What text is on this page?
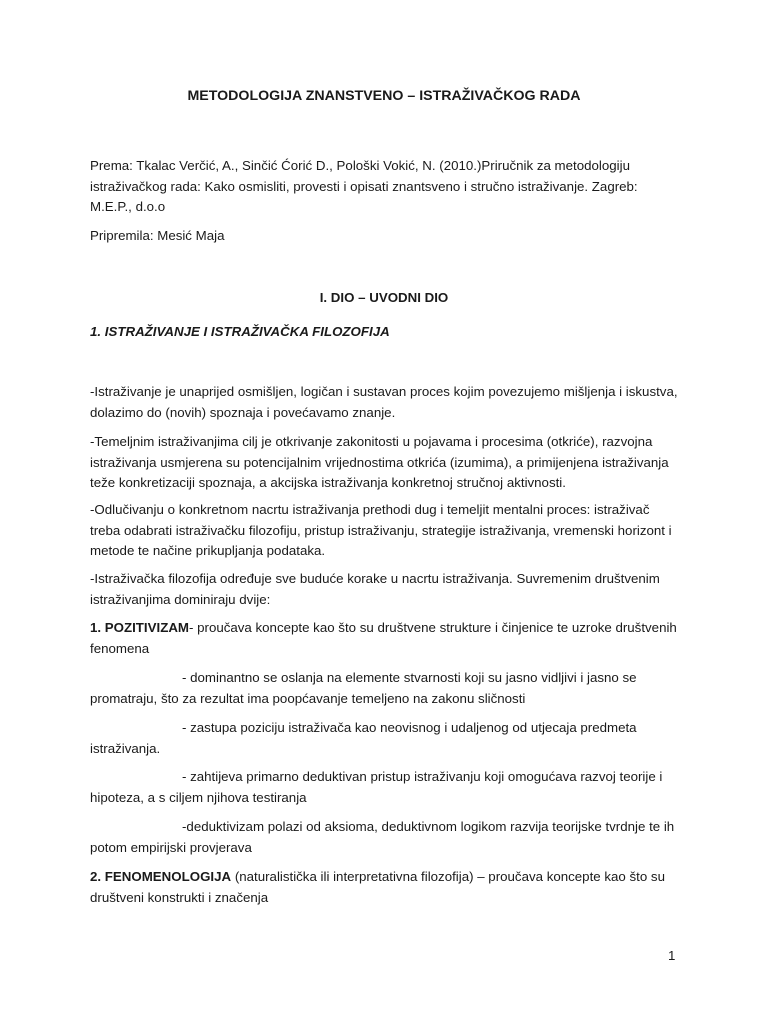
METODOLOGIJA ZNANSTVENO – ISTRAŽIVAČKOG RADA

Prema: Tkalac Verčić, A., Sinčić Ćorić D., Pološki Vokić, N. (2010.)Priručnik za metodologiju istraživačkog rada: Kako osmisliti, provesti i opisati znantsveno i stručno istraživanje. Zagreb: M.E.P., d.o.o

Pripremila: Mesić Maja

I. DIO – UVODNI DIO

1. ISTRAŽIVANJE I ISTRAŽIVAČKA FILOZOFIJA

-Istraživanje je unaprijed osmišljen, logičan i sustavan proces kojim povezujemo mišljenja i iskustva, dolazimo do (novih) spoznaja i povećavamo znanje.

-Temeljnim istraživanjima cilj je otkrivanje zakonitosti u pojavama i procesima (otkriće), razvojna istraživanja usmjerena su potencijalnim vrijednostima otkrića (izumima), a primijenjena istraživanja teže konkretizaciji spoznaja, a akcijska istraživanja konkretnoj stručnoj aktivnosti.

-Odlučivanju o konkretnom nacrtu istraživanja prethodi dug i temeljit mentalni proces: istraživač treba odabrati istraživačku filozofiju, pristup istraživanju, strategije istraživanja, vremenski horizont i metode te načine prikupljanja podataka.

-Istraživačka filozofija određuje sve buduće korake u nacrtu istraživanja. Suvremenim društvenim istraživanjima dominiraju dvije:

1. POZITIVIZAM- proučava koncepte kao što su društvene strukture i činjenice te uzroke društvenih fenomena

- dominantno se oslanja na elemente stvarnosti koji su jasno vidljivi i jasno se promatraju, što za rezultat ima poopćavanje temeljeno na zakonu sličnosti

- zastupa poziciju istraživača kao neovisnog i udaljenog od utjecaja predmeta istraživanja.

- zahtijeva primarno deduktivan pristup istraživanju koji omogućava razvoj teorije i hipoteza, a s ciljem njihova testiranja

-deduktivizam polazi od aksioma, deduktivnom logikom razvija teorijske tvrdnje te ih potom empirijski provjerava

2. FENOMENOLOGIJA (naturalistička ili interpretativna filozofija) – proučava koncepte kao što su društveni konstrukti i značenja

1
